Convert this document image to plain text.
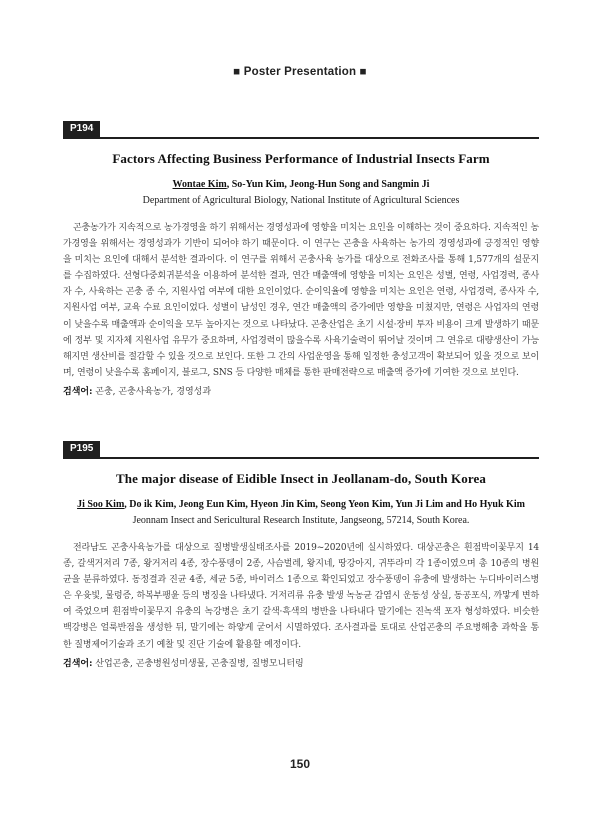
■ Poster Presentation ■
P194
Factors Affecting Business Performance of Industrial Insects Farm
Wontae Kim, So-Yun Kim, Jeong-Hun Song and Sangmin Ji
Department of Agricultural Biology, National Institute of Agricultural Sciences
곤충농가가 지속적으로 농가경영을 하기 위해서는 경영성과에 영향을 미치는 요인을 이해하는 것이 중요하다. 지속적인 농가경영을 위해서는 경영성과가 기반이 되어야 하기 때문이다. 이 연구는 곤충을 사육하는 농가의 경영성과에 긍정적인 영향을 미치는 요인에 대해서 분석한 결과이다. 이 연구를 위해서 곤충사육 농가를 대상으로 전화조사를 통해 1,577개의 설문지를 수집하였다. 선형다중회귀분석을 이용하여 분석한 결과, 연간 매출액에 영향을 미치는 요인은 성별, 연령, 사업경력, 종사자 수, 사육하는 곤충 종 수, 지원사업 여부에 대한 요인이었다. 순이익율에 영향을 미치는 요인은 연령, 사업경력, 종사자 수, 지원사업 여부, 교육 수료 요인이었다. 성별이 남성인 경우, 연간 매출액의 증가에만 영향을 미쳤지만, 연령은 사업자의 연령이 낮을수록 매출액과 순이익을 모두 높아지는 것으로 나타났다. 곤충산업은 초기 시설·장비 투자 비용이 크게 발생하기 때문에 정부 및 지자체 지원사업 유무가 중요하며, 사업경력이 많을수록 사육기술력이 뛰어날 것이며 그 연유로 대량생산이 가능해지면 생산비를 절감할 수 있을 것으로 보인다. 또한 그 간의 사업운영을 통해 일정한 충성고객이 확보되어 있을 것으로 보이며, 연령이 낮을수록 홈페이지, 블로그, SNS 등 다양한 매체를 통한 판매전략으로 매출액 증가에 기여한 것으로 보인다.
검색어: 곤충, 곤충사육농가, 경영성과
P195
The major disease of Eidible Insect in Jeollanam-do, South Korea
Ji Soo Kim, Do ik Kim, Jeong Eun Kim, Hyeon Jin Kim, Seong Yeon Kim, Yun Ji Lim and Ho Hyuk Kim
Jeonnam Insect and Sericultural Research Institute, Jangseong, 57214, South Korea.
전라남도 곤충사육농가를 대상으로 질병발생실태조사를 2019~2020년에 실시하였다. 대상곤충은 흰점박이꽃무지 14종, 갈색거저리 7종, 왕거저리 4종, 장수풍뎅이 2종, 사슴벌레, 왕지네, 땅강아지, 귀뚜라미 각 1종이였으며 총 10종의 병원균을 분류하였다. 동정결과 진균 4종, 세균 5종, 바이러스 1종으로 확인되었고 장수풍뎅이 유충에 발생하는 누디바이러스병은 우윳빛, 물렁증, 하복부팽윤 등의 병징을 나타냈다. 거저리류 유충 발생 녹농균 감염시 운동성 상실, 동공포식, 까맣게 변하여 죽었으며 흰점박이꽃무지 유충의 녹강병은 초기 갈색·흑색의 병반을 나타내다 말기에는 진녹색 포자 형성하였다. 비슷한 백강병은 얼룩반점을 생성한 뒤, 말기에는 하얗게 굳어서 시멸하였다. 조사결과를 토대로 산업곤충의 주요병해충 과학을 통한 질병제어기술과 조기 예찰 및 진단 기술에 활용할 예정이다.
검색어: 산업곤충, 곤충병원성미생물, 곤충질병, 질병모니터링
150
